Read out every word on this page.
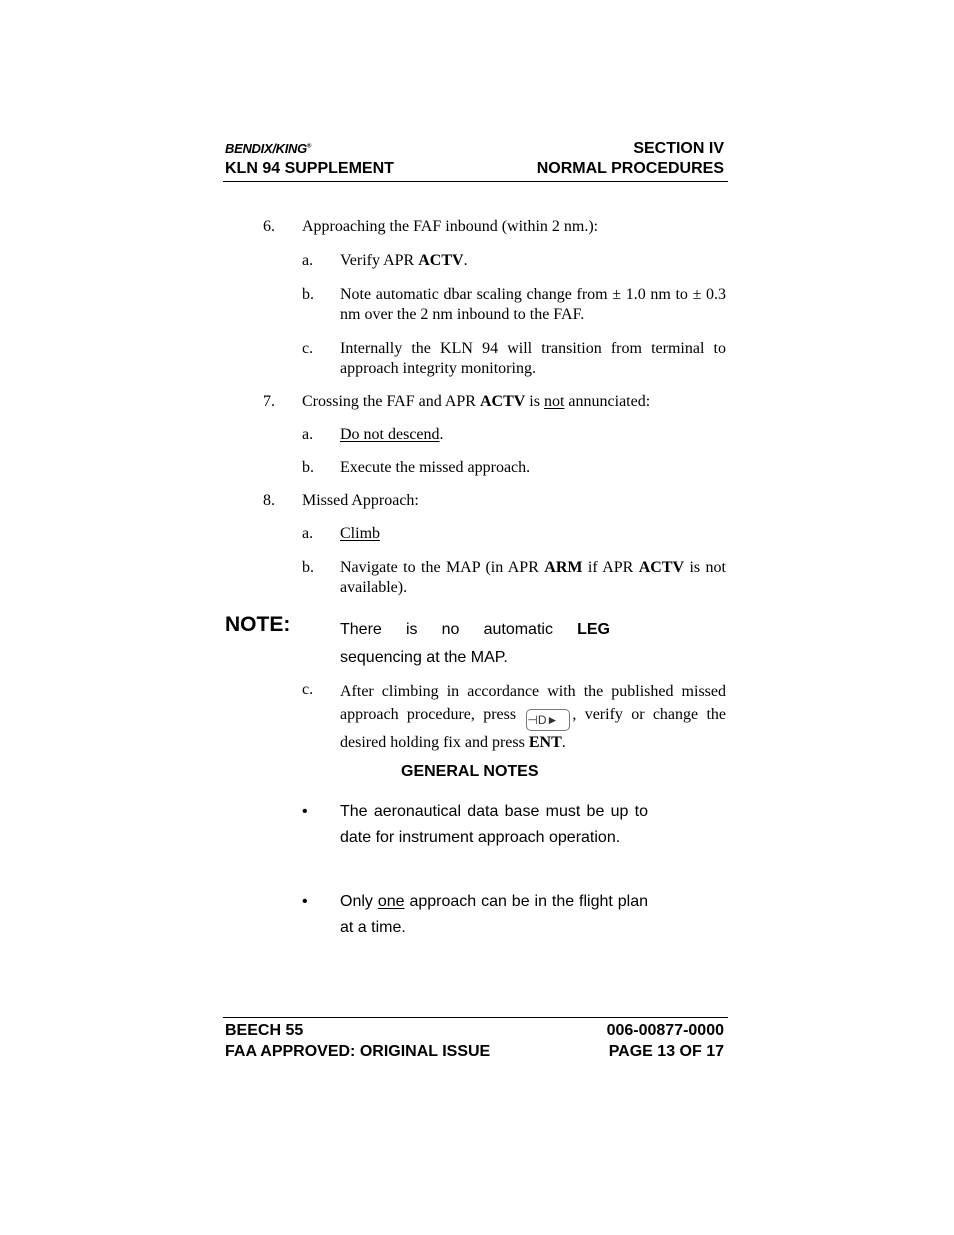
BENDIX/KING®
KLN 94 SUPPLEMENT
SECTION IV
NORMAL PROCEDURES
6.	Approaching the FAF inbound (within 2 nm.):
a. Verify APR ACTV.
b. Note automatic dbar scaling change from ± 1.0 nm to ± 0.3 nm over the 2 nm inbound to the FAF.
c. Internally the KLN 94 will transition from terminal to approach integrity monitoring.
7.	Crossing the FAF and APR ACTV is not annunciated:
a. Do not descend.
b. Execute the missed approach.
8.	Missed Approach:
a. Climb
b. Navigate to the MAP (in APR ARM if APR ACTV is not available).
NOTE:	There is no automatic LEG
sequencing at the MAP.
c. After climbing in accordance with the published missed approach procedure, press ⊣D► , verify or change the desired holding fix and press ENT.
GENERAL NOTES
• The aeronautical data base must be up to date for instrument approach operation.
• Only one approach can be in the flight plan at a time.
BEECH 55
FAA APPROVED: ORIGINAL ISSUE
006-00877-0000
PAGE 13 OF 17
